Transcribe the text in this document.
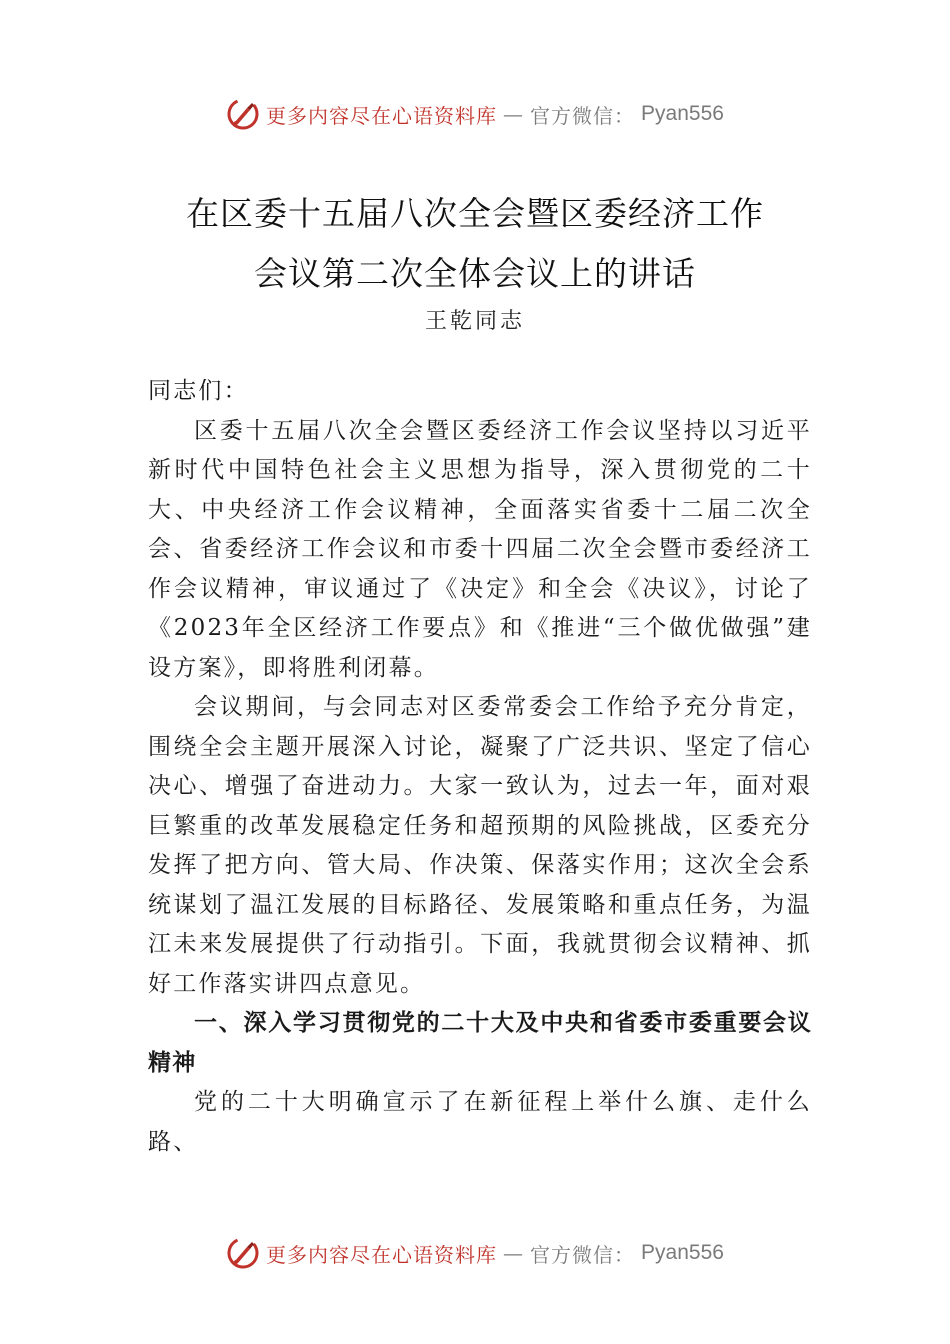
更多内容尽在心语资料库 — 官方微信： Pyan556
在区委十五届八次全会暨区委经济工作
会议第二次全体会议上的讲话
王乾同志

同志们：

区委十五届八次全会暨区委经济工作会议坚持以习近平新时代中国特色社会主义思想为指导，深入贯彻党的二十大、中央经济工作会议精神，全面落实省委十二届二次全会、省委经济工作会议和市委十四届二次全会暨市委经济工作会议精神，审议通过了《决定》和全会《决议》，讨论了《2023年全区经济工作要点》和《推进“三个做优做强”建设方案》，即将胜利闭幕。

会议期间，与会同志对区委常委会工作给予充分肯定，围绕全会主题开展深入讨论，凝聚了广泛共识、坚定了信心决心、增强了奋进动力。大家一致认为，过去一年，面对艰巨繁重的改革发展稳定任务和超预期的风险挑战，区委充分发挥了把方向、管大局、作决策、保落实作用；这次全会系统谋划了温江发展的目标路径、发展策略和重点任务，为温江未来发展提供了行动指引。下面，我就贯彻会议精神、抓好工作落实讲四点意见。

一、深入学习贯彻党的二十大及中央和省委市委重要会议精神

党的二十大明确宣示了在新征程上举什么旗、走什么路、

更多内容尽在心语资料库 — 官方微信： Pyan556
